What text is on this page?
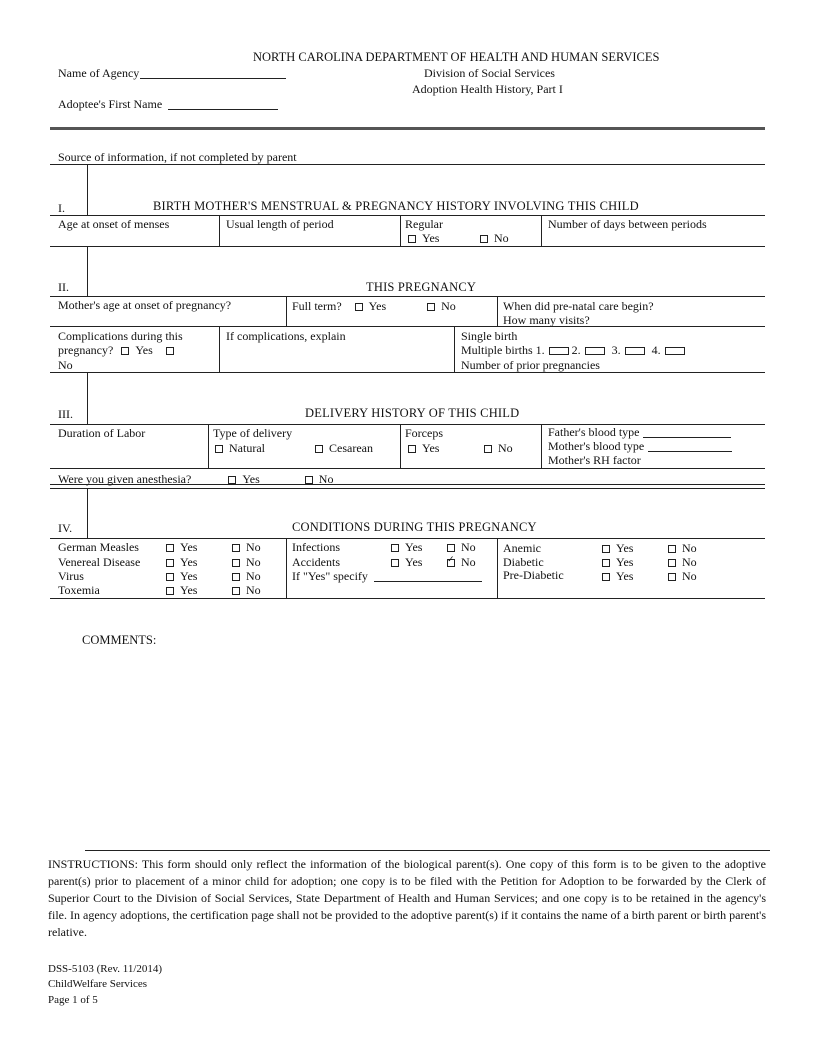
NORTH CAROLINA DEPARTMENT OF HEALTH AND HUMAN SERVICES
Division of Social Services
Adoption Health History, Part I
Name of Agency
Adoptee's First Name
Source of information, if not completed by parent
I.	BIRTH MOTHER'S MENSTRUAL & PREGNANCY HISTORY INVOLVING THIS CHILD
Age at onset of menses	Usual length of period	Regular
Yes	No
Number of days between periods
II.	THIS PREGNANCY
Mother's age at onset of pregnancy?	Full term? Yes	No	When did pre-natal care begin?
How many visits?
Complications during this
pregnancy? Yes
No
If complications, explain	Single birth
Multiple births 1. 2.	3.	4.
Number of prior pregnancies
III.	DELIVERY HISTORY OF THIS CHILD
Duration of Labor	Type of delivery
Natural	Cesarean
Forceps
Yes	No
Father's blood type
Mother's blood type
Mother's RH factor
Were you given anesthesia?	Yes	No
IV.	CONDITIONS DURING THIS PREGNANCY
German Measles	Yes	No
Venereal Disease	Yes	No
Virus	Yes	No
Toxemia	Yes	No
Infections	Yes	No
Accidents	Yes
✓	No
If "Yes" specify
Anemic	Yes	No
Diabetic	Yes	No
Pre-Diabetic	Yes	No
COMMENTS:
INSTRUCTIONS: This form should only reflect the information of the biological parent(s). One copy of this form is to be given to the adoptive parent(s) prior to placement of a minor child for adoption; one copy is to be filed with the Petition for Adoption to be forwarded by the Clerk of Superior Court to the Division of Social Services, State Department of Health and Human Services; and one copy is to be retained in the agency's file. In agency adoptions, the certification page shall not be provided to the adoptive parent(s) if it contains the name of a birth parent or birth parent's relative.
DSS-5103 (Rev. 11/2014)
ChildWelfare Services
Page 1 of 5
